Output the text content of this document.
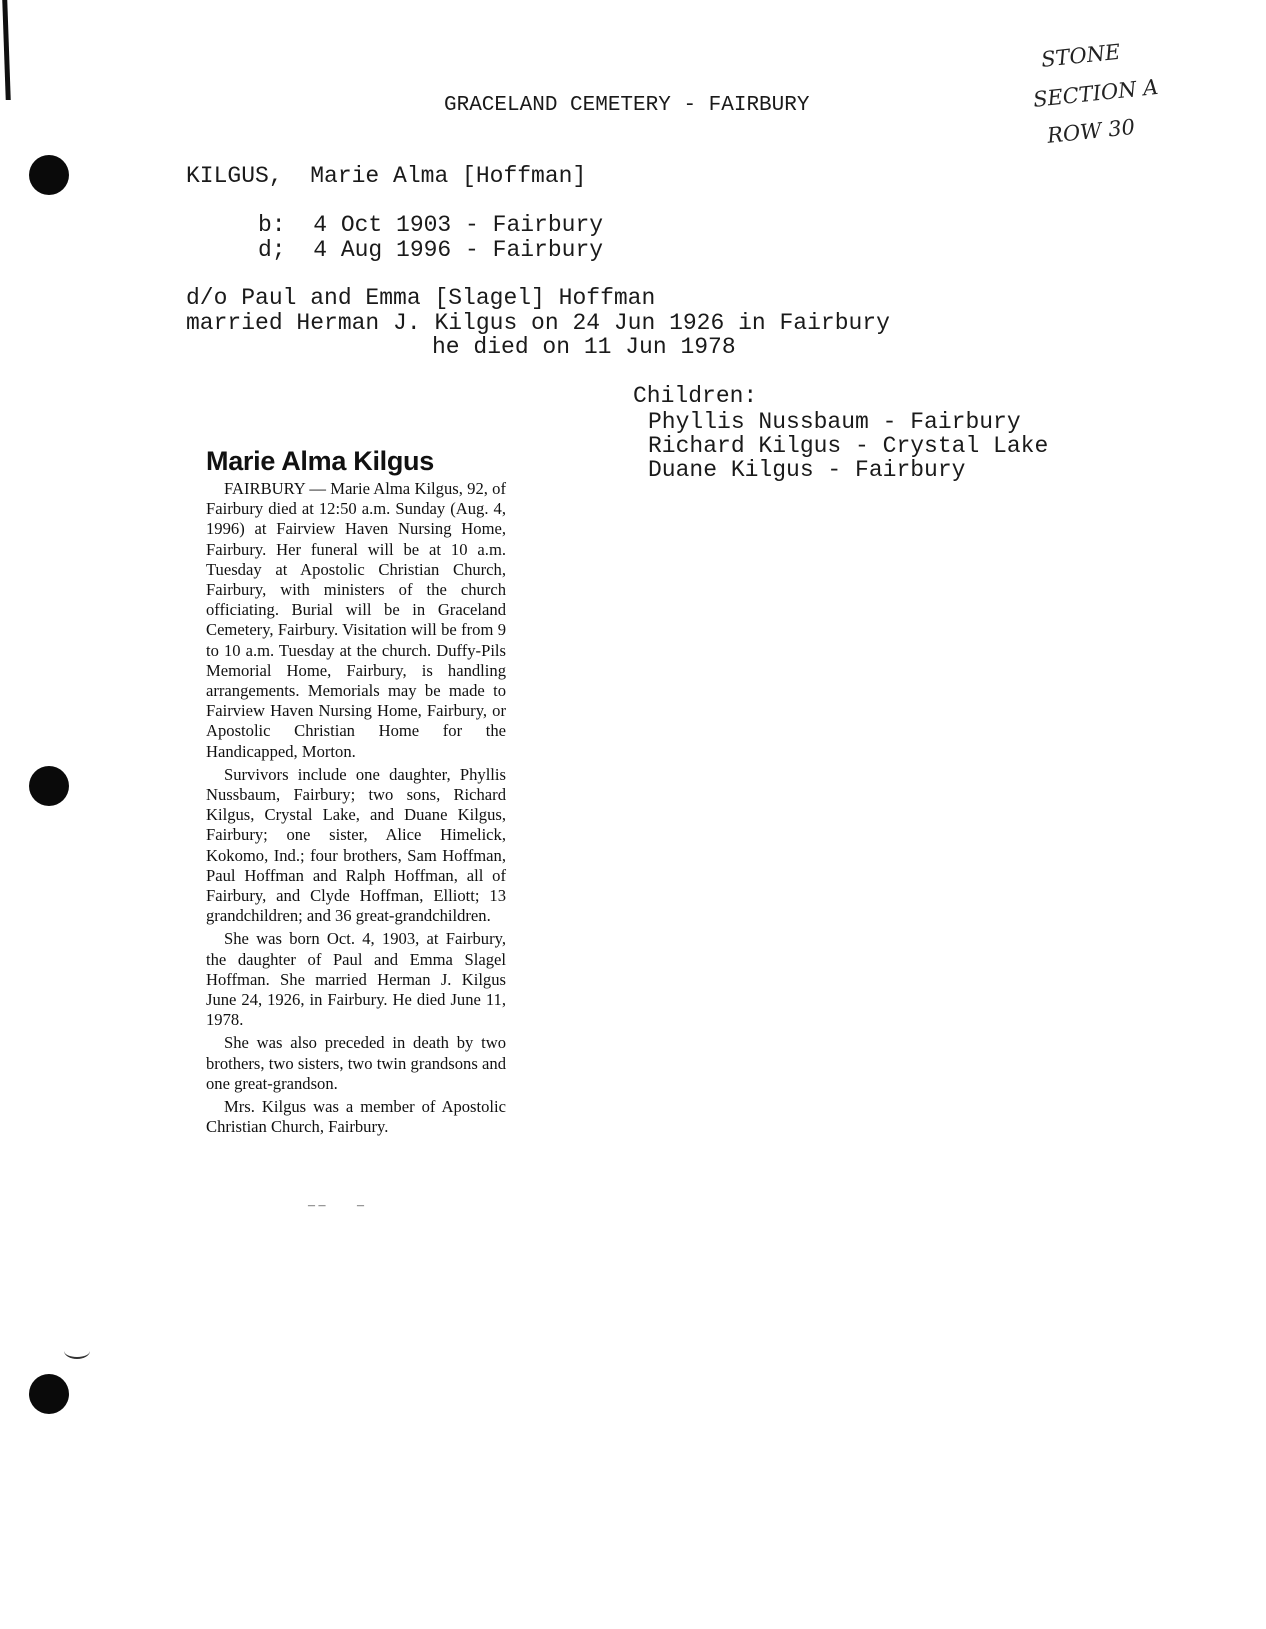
STONE
SECTION A
ROW 30
GRACELAND CEMETERY - FAIRBURY
KILGUS,  Marie Alma [Hoffman]
b:  4 Oct 1903 - Fairbury
d;  4 Aug 1996 - Fairbury
d/o Paul and Emma [Slagel] Hoffman
married Herman J. Kilgus on 24 Jun 1926 in Fairbury
he died on 11 Jun 1978
Children:
Phyllis Nussbaum - Fairbury
Richard Kilgus - Crystal Lake
Duane Kilgus - Fairbury
Marie Alma Kilgus

FAIRBURY — Marie Alma Kilgus, 92, of Fairbury died at 12:50 a.m. Sunday (Aug. 4, 1996) at Fairview Haven Nursing Home, Fairbury. Her funeral will be at 10 a.m. Tuesday at Apostolic Christian Church, Fairbury, with ministers of the church officiating. Burial will be in Graceland Cemetery, Fairbury. Visitation will be from 9 to 10 a.m. Tuesday at the church. Duffy-Pils Memorial Home, Fairbury, is handling arrangements. Memorials may be made to Fairview Haven Nursing Home, Fairbury, or Apostolic Christian Home for the Handicapped, Morton.

Survivors include one daughter, Phyllis Nussbaum, Fairbury; two sons, Richard Kilgus, Crystal Lake, and Duane Kilgus, Fairbury; one sister, Alice Himelick, Kokomo, Ind.; four brothers, Sam Hoffman, Paul Hoffman and Ralph Hoffman, all of Fairbury, and Clyde Hoffman, Elliott; 13 grandchildren; and 36 great-grandchildren.

She was born Oct. 4, 1903, at Fairbury, the daughter of Paul and Emma Slagel Hoffman. She married Herman J. Kilgus June 24, 1926, in Fairbury. He died June 11, 1978.

She was also preceded in death by two brothers, two sisters, two twin grandsons and one great-grandson.

Mrs. Kilgus was a member of Apostolic Christian Church, Fairbury.

– –         –
